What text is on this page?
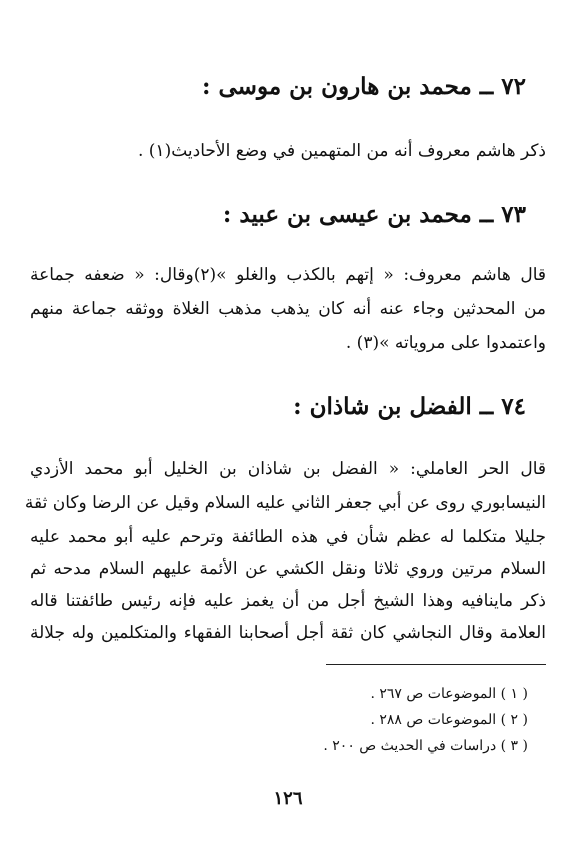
٧٢ ــ محمد بن هارون بن موسى :
ذكر هاشم معروف أنه من المتهمين في وضع الأحاديث(١) .
٧٣ ــ محمد بن عيسى بن عبيد :
قال هاشم معروف: « إتهم بالكذب والغلو »(٢)وقال: « ضعفه جماعة
من المحدثين وجاء عنه أنه كان يذهب مذهب الغلاة ووثقه جماعة منهم
واعتمدوا على مروياته »(٣) .
٧٤ ــ الفضل بن شاذان :
قال الحر العاملي: « الفضل بن شاذان بن الخليل أبو محمد الأزدي
النيسابوري روى عن أبي جعفر الثاني عليه السلام وقيل عن الرضا وكان ثقة
جليلا متكلما له عظم شأن في هذه الطائفة وترحم عليه أبو محمد عليه
السلام مرتين وروي ثلاثا ونقل الكشي عن الأئمة عليهم السلام مدحه ثم
ذكر ماينافيه وهذا الشيخ أجل من أن يغمز عليه فإنه رئيس طائفتنا قاله
العلامة وقال النجاشي كان ثقة أجل أصحابنا الفقهاء والمتكلمين وله جلالة
( ١ ) الموضوعات ص ٢٦٧ .
( ٢ ) الموضوعات ص ٢٨٨ .
( ٣ ) دراسات في الحديث ص ٢٠٠ .
١٢٦
